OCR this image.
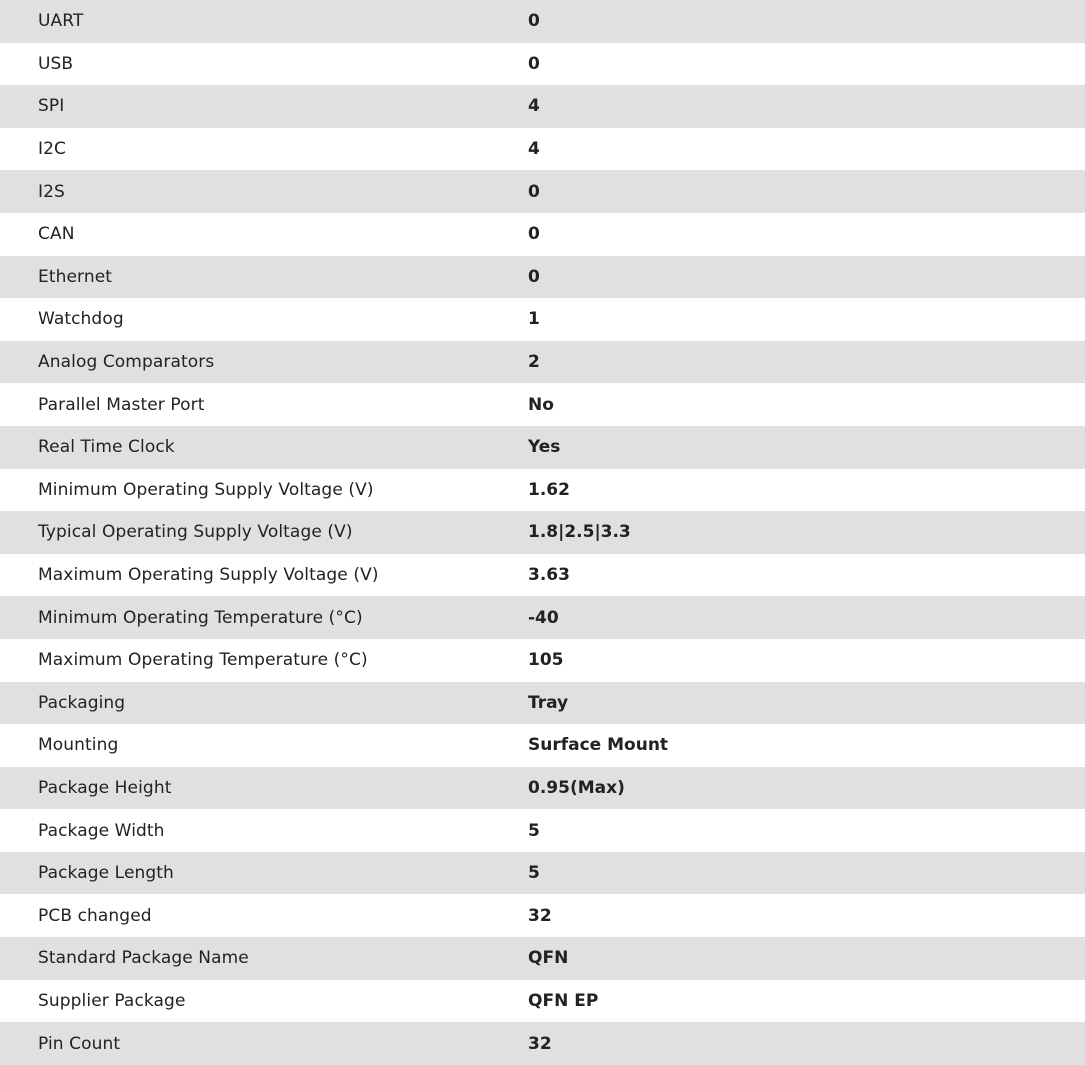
UART	0
USB	0
SPI	4
I2C	4
I2S	0
CAN	0
Ethernet	0
Watchdog	1
Analog Comparators	2
Parallel Master Port	No
Real Time Clock	Yes
Minimum Operating Supply Voltage (V)	1.62
Typical Operating Supply Voltage (V)	1.8|2.5|3.3
Maximum Operating Supply Voltage (V)	3.63
Minimum Operating Temperature (°C)	-40
Maximum Operating Temperature (°C)	105
Packaging	Tray
Mounting	Surface Mount
Package Height	0.95(Max)
Package Width	5
Package Length	5
PCB changed	32
Standard Package Name	QFN
Supplier Package	QFN EP
Pin Count	32
